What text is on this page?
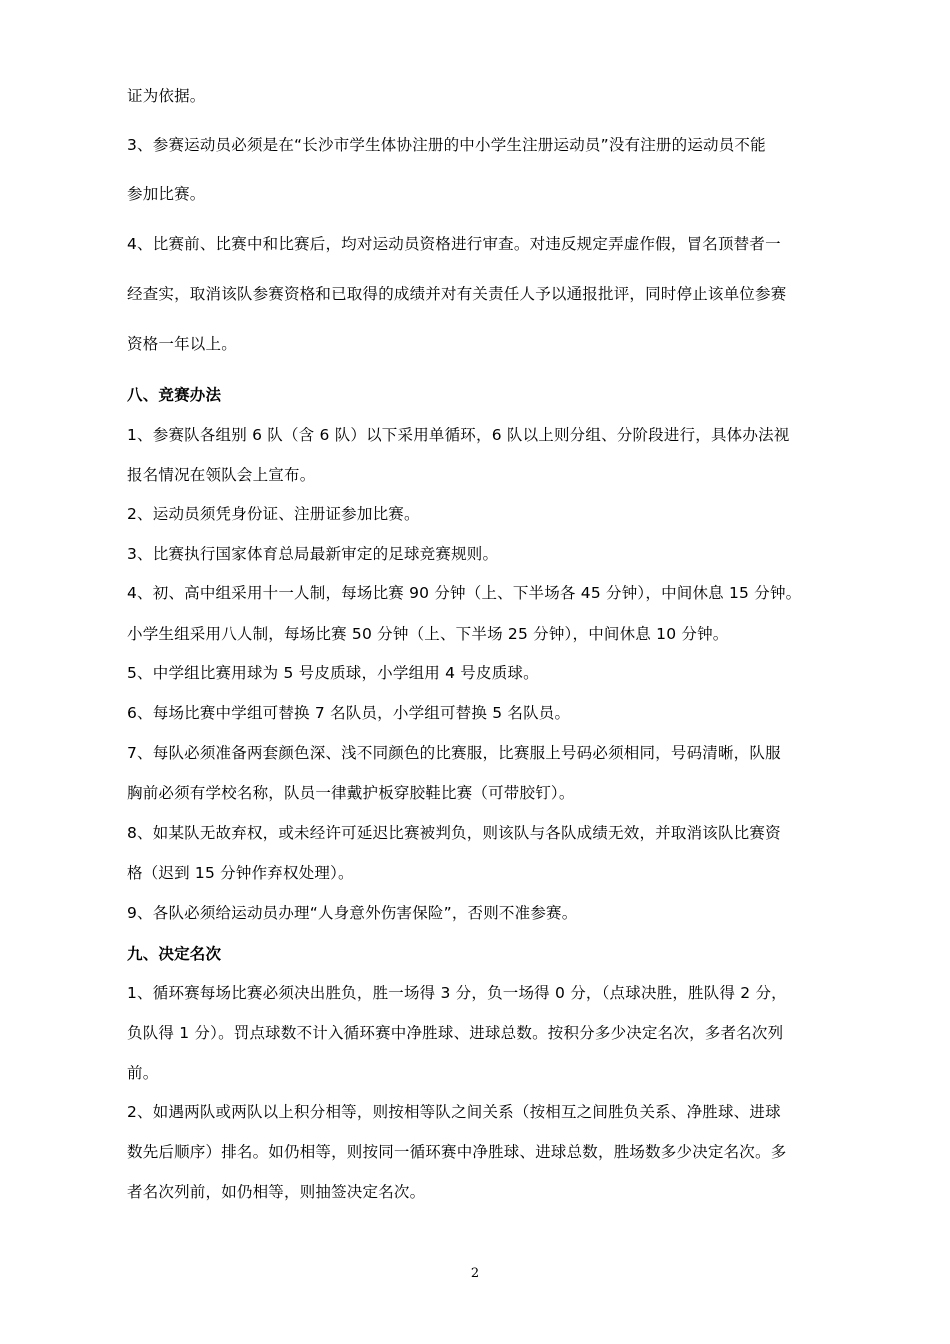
证为依据。
3、参赛运动员必须是在“长沙市学生体协注册的中小学生注册运动员”没有注册的运动员不能
参加比赛。
4、比赛前、比赛中和比赛后，均对运动员资格进行审查。对违反规定弄虚作假，冒名顶替者一
经查实，取消该队参赛资格和已取得的成绩并对有关责任人予以通报批评，同时停止该单位参赛
资格一年以上。
八、竞赛办法
1、参赛队各组别 6 队（含 6 队）以下采用单循环，6 队以上则分组、分阶段进行，具体办法视
报名情况在领队会上宣布。
2、运动员须凭身份证、注册证参加比赛。
3、比赛执行国家体育总局最新审定的足球竞赛规则。
4、初、高中组采用十一人制，每场比赛 90 分钟（上、下半场各 45 分钟），中间休息 15 分钟。
小学生组采用八人制，每场比赛 50 分钟（上、下半场 25 分钟），中间休息 10 分钟。
5、中学组比赛用球为 5 号皮质球，小学组用 4 号皮质球。
6、每场比赛中学组可替换 7 名队员，小学组可替换 5 名队员。
7、每队必须准备两套颜色深、浅不同颜色的比赛服，比赛服上号码必须相同，号码清晰，队服
胸前必须有学校名称，队员一律戴护板穿胶鞋比赛（可带胶钉）。
8、如某队无故弃权，或未经许可延迟比赛被判负，则该队与各队成绩无效，并取消该队比赛资
格（迟到 15 分钟作弃权处理）。
9、各队必须给运动员办理“人身意外伤害保险”，否则不准参赛。
九、决定名次
1、循环赛每场比赛必须决出胜负，胜一场得 3 分，负一场得 0 分，（点球决胜，胜队得 2 分，
负队得 1 分）。罚点球数不计入循环赛中净胜球、进球总数。按积分多少决定名次，多者名次列
前。
2、如遇两队或两队以上积分相等，则按相等队之间关系（按相互之间胜负关系、净胜球、进球
数先后顺序）排名。如仍相等，则按同一循环赛中净胜球、进球总数，胜场数多少决定名次。多
者名次列前，如仍相等，则抽签决定名次。
2
